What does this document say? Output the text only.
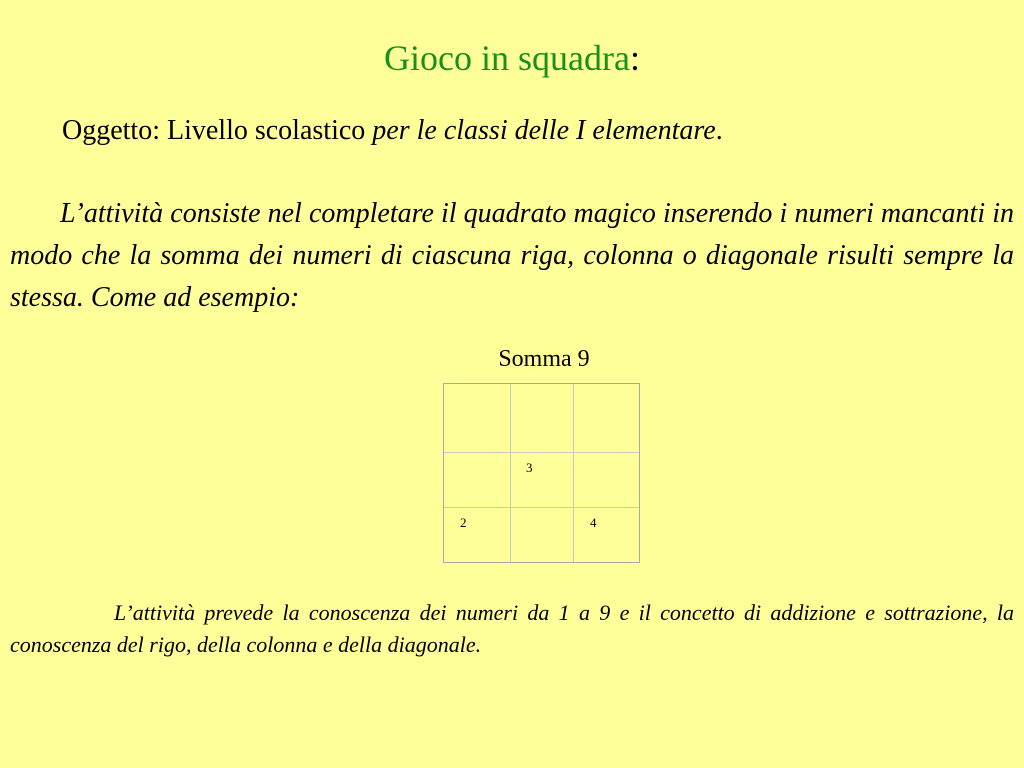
Gioco in squadra:
Oggetto: Livello scolastico per le classi delle I elementare.

L’attività consiste nel completare il quadrato magico inserendo i numeri mancanti in modo che la somma dei numeri di ciascuna riga, colonna o diagonale risulti sempre la stessa. Come ad esempio:

Somma 9
3
2	4

L’attività prevede la conoscenza dei numeri da 1 a 9 e il concetto di addizione e sottrazione, la conoscenza del rigo, della colonna e della diagonale.
